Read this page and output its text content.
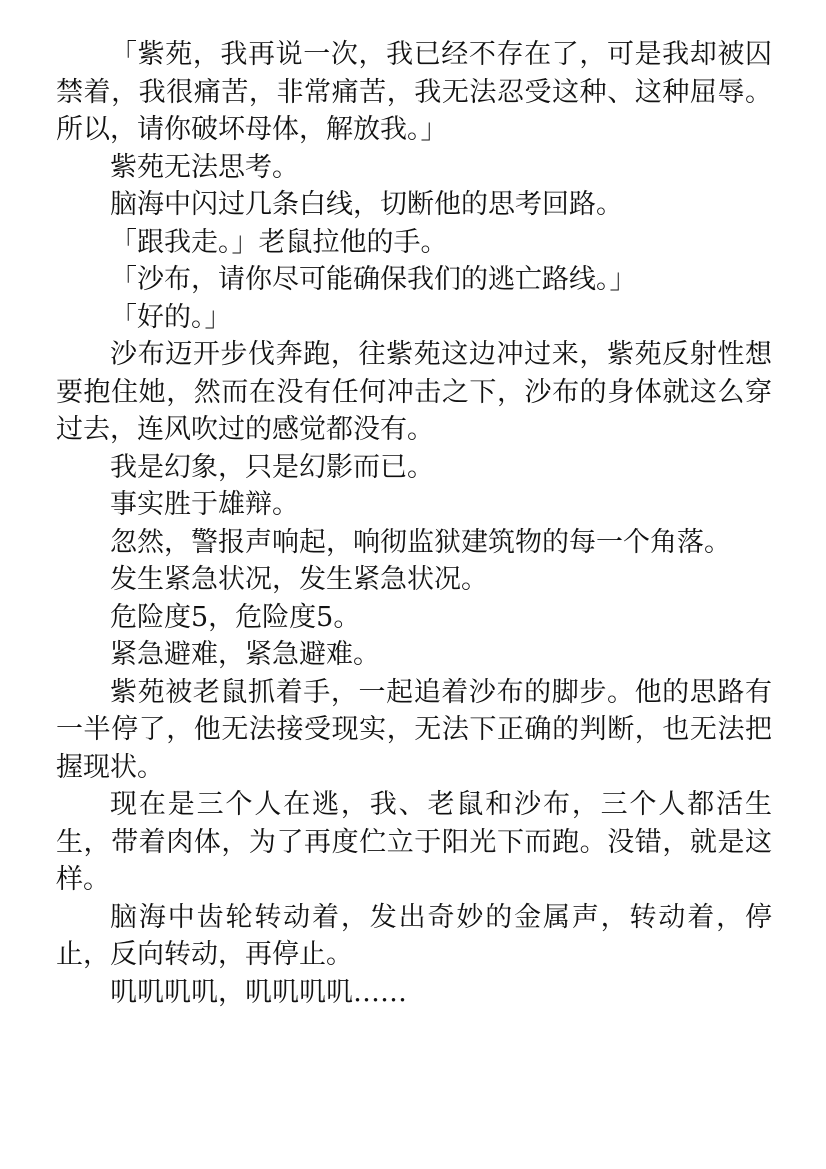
「紫苑，我再说一次，我已经不存在了，可是我却被囚禁着，我很痛苦，非常痛苦，我无法忍受这种、这种屈辱。所以，请你破坏母体，解放我。」

紫苑无法思考。

脑海中闪过几条白线，切断他的思考回路。

「跟我走。」老鼠拉他的手。

「沙布，请你尽可能确保我们的逃亡路线。」

「好的。」

沙布迈开步伐奔跑，往紫苑这边冲过来，紫苑反射性想要抱住她，然而在没有任何冲击之下，沙布的身体就这么穿过去，连风吹过的感觉都没有。

我是幻象，只是幻影而已。

事实胜于雄辩。

忽然，警报声响起，响彻监狱建筑物的每一个角落。

发生紧急状况，发生紧急状况。

危险度5，危险度5。

紧急避难，紧急避难。

紫苑被老鼠抓着手，一起追着沙布的脚步。他的思路有一半停了，他无法接受现实，无法下正确的判断，也无法把握现状。

现在是三个人在逃，我、老鼠和沙布，三个人都活生生，带着肉体，为了再度伫立于阳光下而跑。没错，就是这样。

脑海中齿轮转动着，发出奇妙的金属声，转动着，停止，反向转动，再停止。

叽叽叽叽，叽叽叽叽……
